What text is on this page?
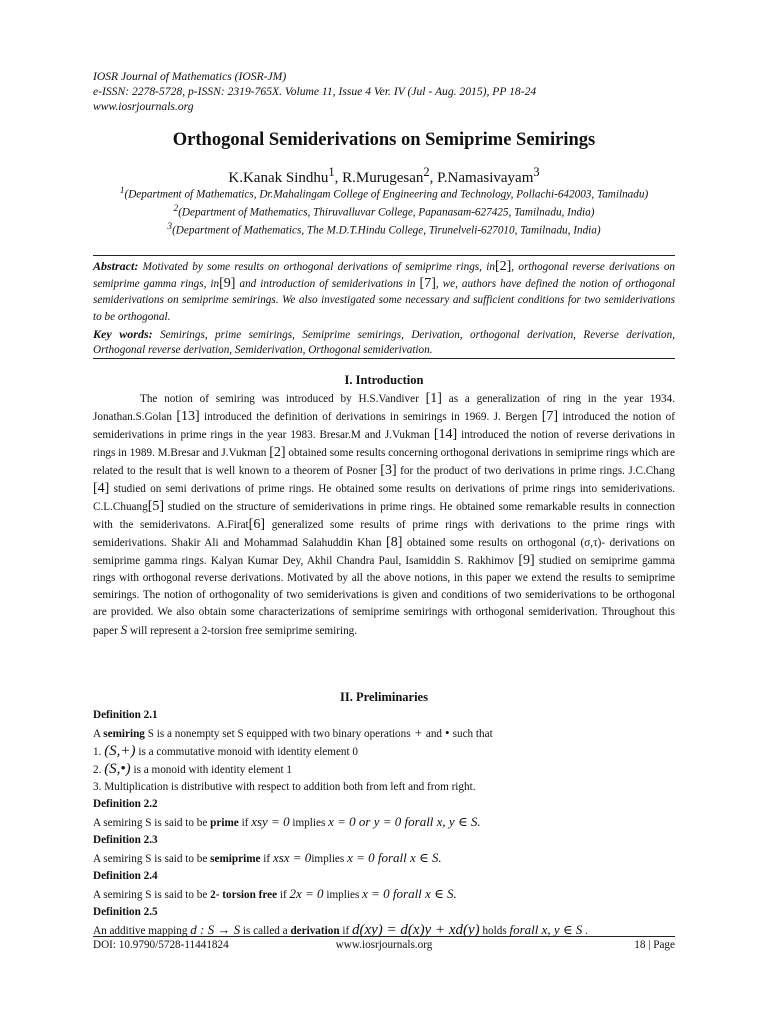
IOSR Journal of Mathematics (IOSR-JM)
e-ISSN: 2278-5728, p-ISSN: 2319-765X. Volume 11, Issue 4 Ver. IV (Jul - Aug. 2015), PP 18-24
www.iosrjournals.org
Orthogonal Semiderivations on Semiprime Semirings
K.Kanak Sindhu$^1$, R.Murugesan$^2$, P.Namasivayam$^3$
$^1$(Department of Mathematics, Dr.Mahalingam College of Engineering and Technology, Pollachi-642003, Tamilnadu)
$^2$(Department of Mathematics, Thiruvalluvar College, Papanasam-627425, Tamilnadu, India)
$^3$(Department of Mathematics, The M.D.T.Hindu College, Tirunelveli-627010, Tamilnadu, India)
Abstract: Motivated by some results on orthogonal derivations of semiprime rings, in[2], orthogonal reverse derivations on semiprime gamma rings, in[9] and introduction of semiderivations in [7], we, authors have defined the notion of orthogonal semiderivations on semiprime semirings. We also investigated some necessary and sufficient conditions for two semiderivations to be orthogonal.
Key words: Semirings, prime semirings, Semiprime semirings, Derivation, orthogonal derivation, Reverse derivation, Orthogonal reverse derivation, Semiderivation, Orthogonal semiderivation.
I. Introduction

The notion of semiring was introduced by H.S.Vandiver [1] as a generalization of ring in the year 1934. Jonathan.S.Golan [13] introduced the definition of derivations in semirings in 1969. J. Bergen [7] introduced the notion of semiderivations in prime rings in the year 1983. Bresar.M and J.Vukman [14] introduced the notion of reverse derivations in rings in 1989. M.Bresar and J.Vukman [2] obtained some results concerning orthogonal derivations in semiprime rings which are related to the result that is well known to a theorem of Posner [3] for the product of two derivations in prime rings. J.C.Chang [4] studied on semi derivations of prime rings. He obtained some results on derivations of prime rings into semiderivations. C.L.Chuang[5] studied on the structure of semiderivations in prime rings. He obtained some remarkable results in connection with the semiderivatons. A.Firat[6] generalized some results of prime rings with derivations to the prime rings with semiderivations. Shakir Ali and Mohammad Salahuddin Khan [8] obtained some results on orthogonal (σ,τ)- derivations on semiprime gamma rings. Kalyan Kumar Dey, Akhil Chandra Paul, Isamiddin S. Rakhimov [9] studied on semiprime gamma rings with orthogonal reverse derivations. Motivated by all the above notions, in this paper we extend the results to semiprime semirings. The notion of orthogonality of two semiderivations is given and conditions of two semiderivations to be orthogonal are provided. We also obtain some characterizations of semiprime semirings with orthogonal semiderivation. Throughout this paper S will represent a 2-torsion free semiprime semiring.

II. Preliminaries
Definition 2.1
A semiring S is a nonempty set S equipped with two binary operations + and • such that
1. (S,+) is a commutative monoid with identity element 0
2. (S,•) is a monoid with identity element 1
3. Multiplication is distributive with respect to addition both from left and from right.
Definition 2.2
A semiring S is said to be prime if xsy = 0 implies x = 0 or y = 0 forall x, y ∈ S.
Definition 2.3
A semiring S is said to be semiprime if xsx = 0implies x = 0 forall x ∈ S.
Definition 2.4
A semiring S is said to be 2- torsion free if 2x = 0 implies x = 0 forall x ∈ S.
Definition 2.5
An additive mapping d : S → S is called a derivation if d(xy) = d(x)y + xd(y) holds forall x, y ∈ S .
DOI: 10.9790/5728-11441824	www.iosrjournals.org	18 | Page
